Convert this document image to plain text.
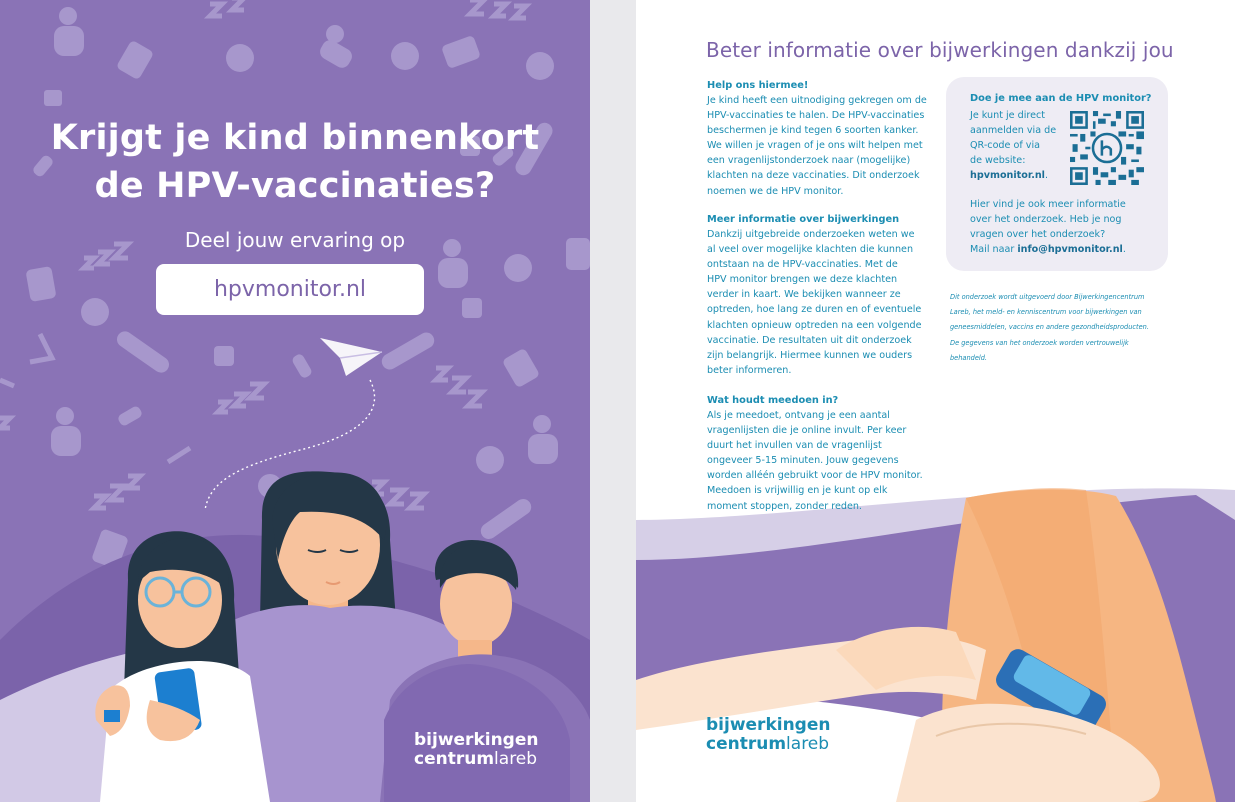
Krijgt je kind binnenkort
de HPV-vaccinaties?
Deel jouw ervaring op
hpvmonitor.nl
bijwerkingen
centrumlareb
Beter informatie over bijwerkingen dankzij jou
Help ons hiermee!
Je kind heeft een uitnodiging gekregen om de
HPV-vaccinaties te halen. De HPV-vaccinaties
beschermen je kind tegen 6 soorten kanker.
We willen je vragen of je ons wilt helpen met
een vragenlijstonderzoek naar (mogelijke)
klachten na deze vaccinaties. Dit onderzoek
noemen we de HPV monitor.
Meer informatie over bijwerkingen
Dankzij uitgebreide onderzoeken weten we
al veel over mogelijke klachten die kunnen
ontstaan na de HPV-vaccinaties. Met de
HPV monitor brengen we deze klachten
verder in kaart. We bekijken wanneer ze
optreden, hoe lang ze duren en of eventuele
klachten opnieuw optreden na een volgende
vaccinatie. De resultaten uit dit onderzoek
zijn belangrijk. Hiermee kunnen we ouders
beter informeren.
Wat houdt meedoen in?
Als je meedoet, ontvang je een aantal
vragenlijsten die je online invult. Per keer
duurt het invullen van de vragenlijst
ongeveer 5-15 minuten. Jouw gegevens
worden alléén gebruikt voor de HPV monitor.
Meedoen is vrijwillig en je kunt op elk
moment stoppen, zonder reden.
Doe je mee aan de HPV monitor?
Je kunt je direct
aanmelden via de
QR-code of via
de website:
hpvmonitor.nl.
Hier vind je ook meer informatie
over het onderzoek. Heb je nog
vragen over het onderzoek?
Mail naar info@hpvmonitor.nl.
Dit onderzoek wordt uitgevoerd door Bijwerkingencentrum
Lareb, het meld- en kenniscentrum voor bijwerkingen van
geneesmiddelen, vaccins en andere gezondheidsproducten.
De gegevens van het onderzoek worden vertrouwelijk
behandeld.
bijwerkingen
centrumlareb
